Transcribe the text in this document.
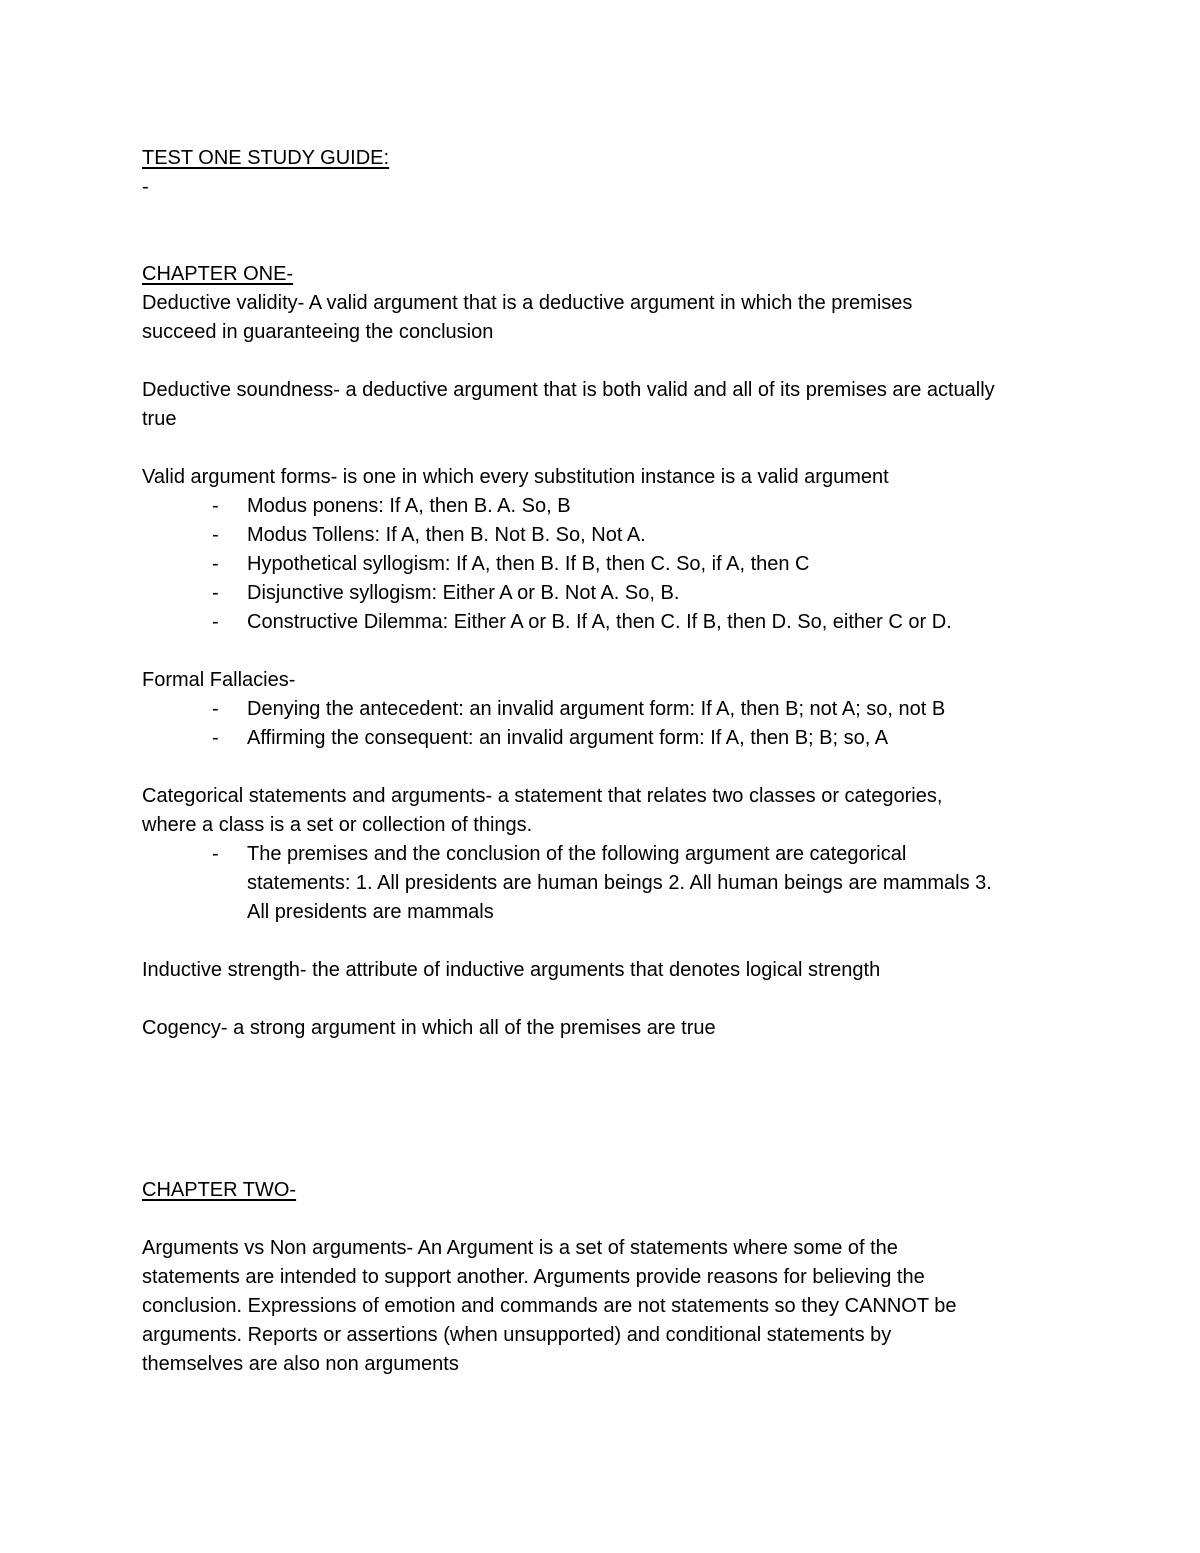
TEST ONE STUDY GUIDE:
-
CHAPTER ONE-
Deductive validity- A valid argument that is a deductive argument in which the premises
succeed in guaranteeing the conclusion
Deductive soundness- a deductive argument that is both valid and all of its premises are actually
true
Valid argument forms- is one in which every substitution instance is a valid argument
- Modus ponens: If A, then B. A. So, B
- Modus Tollens: If A, then B. Not B. So, Not A.
- Hypothetical syllogism: If A, then B. If B, then C. So, if A, then C
- Disjunctive syllogism: Either A or B. Not A. So, B.
- Constructive Dilemma: Either A or B. If A, then C. If B, then D. So, either C or D.
Formal Fallacies-
- Denying the antecedent: an invalid argument form: If A, then B; not A; so, not B
- Affirming the consequent: an invalid argument form: If A, then B; B; so, A
Categorical statements and arguments- a statement that relates two classes or categories,
where a class is a set or collection of things.
- The premises and the conclusion of the following argument are categorical
statements: 1. All presidents are human beings 2. All human beings are mammals 3.
All presidents are mammals
Inductive strength- the attribute of inductive arguments that denotes logical strength
Cogency- a strong argument in which all of the premises are true
CHAPTER TWO-
Arguments vs Non arguments- An Argument is a set of statements where some of the
statements are intended to support another. Arguments provide reasons for believing the
conclusion. Expressions of emotion and commands are not statements so they CANNOT be
arguments. Reports or assertions (when unsupported) and conditional statements by
themselves are also non arguments
